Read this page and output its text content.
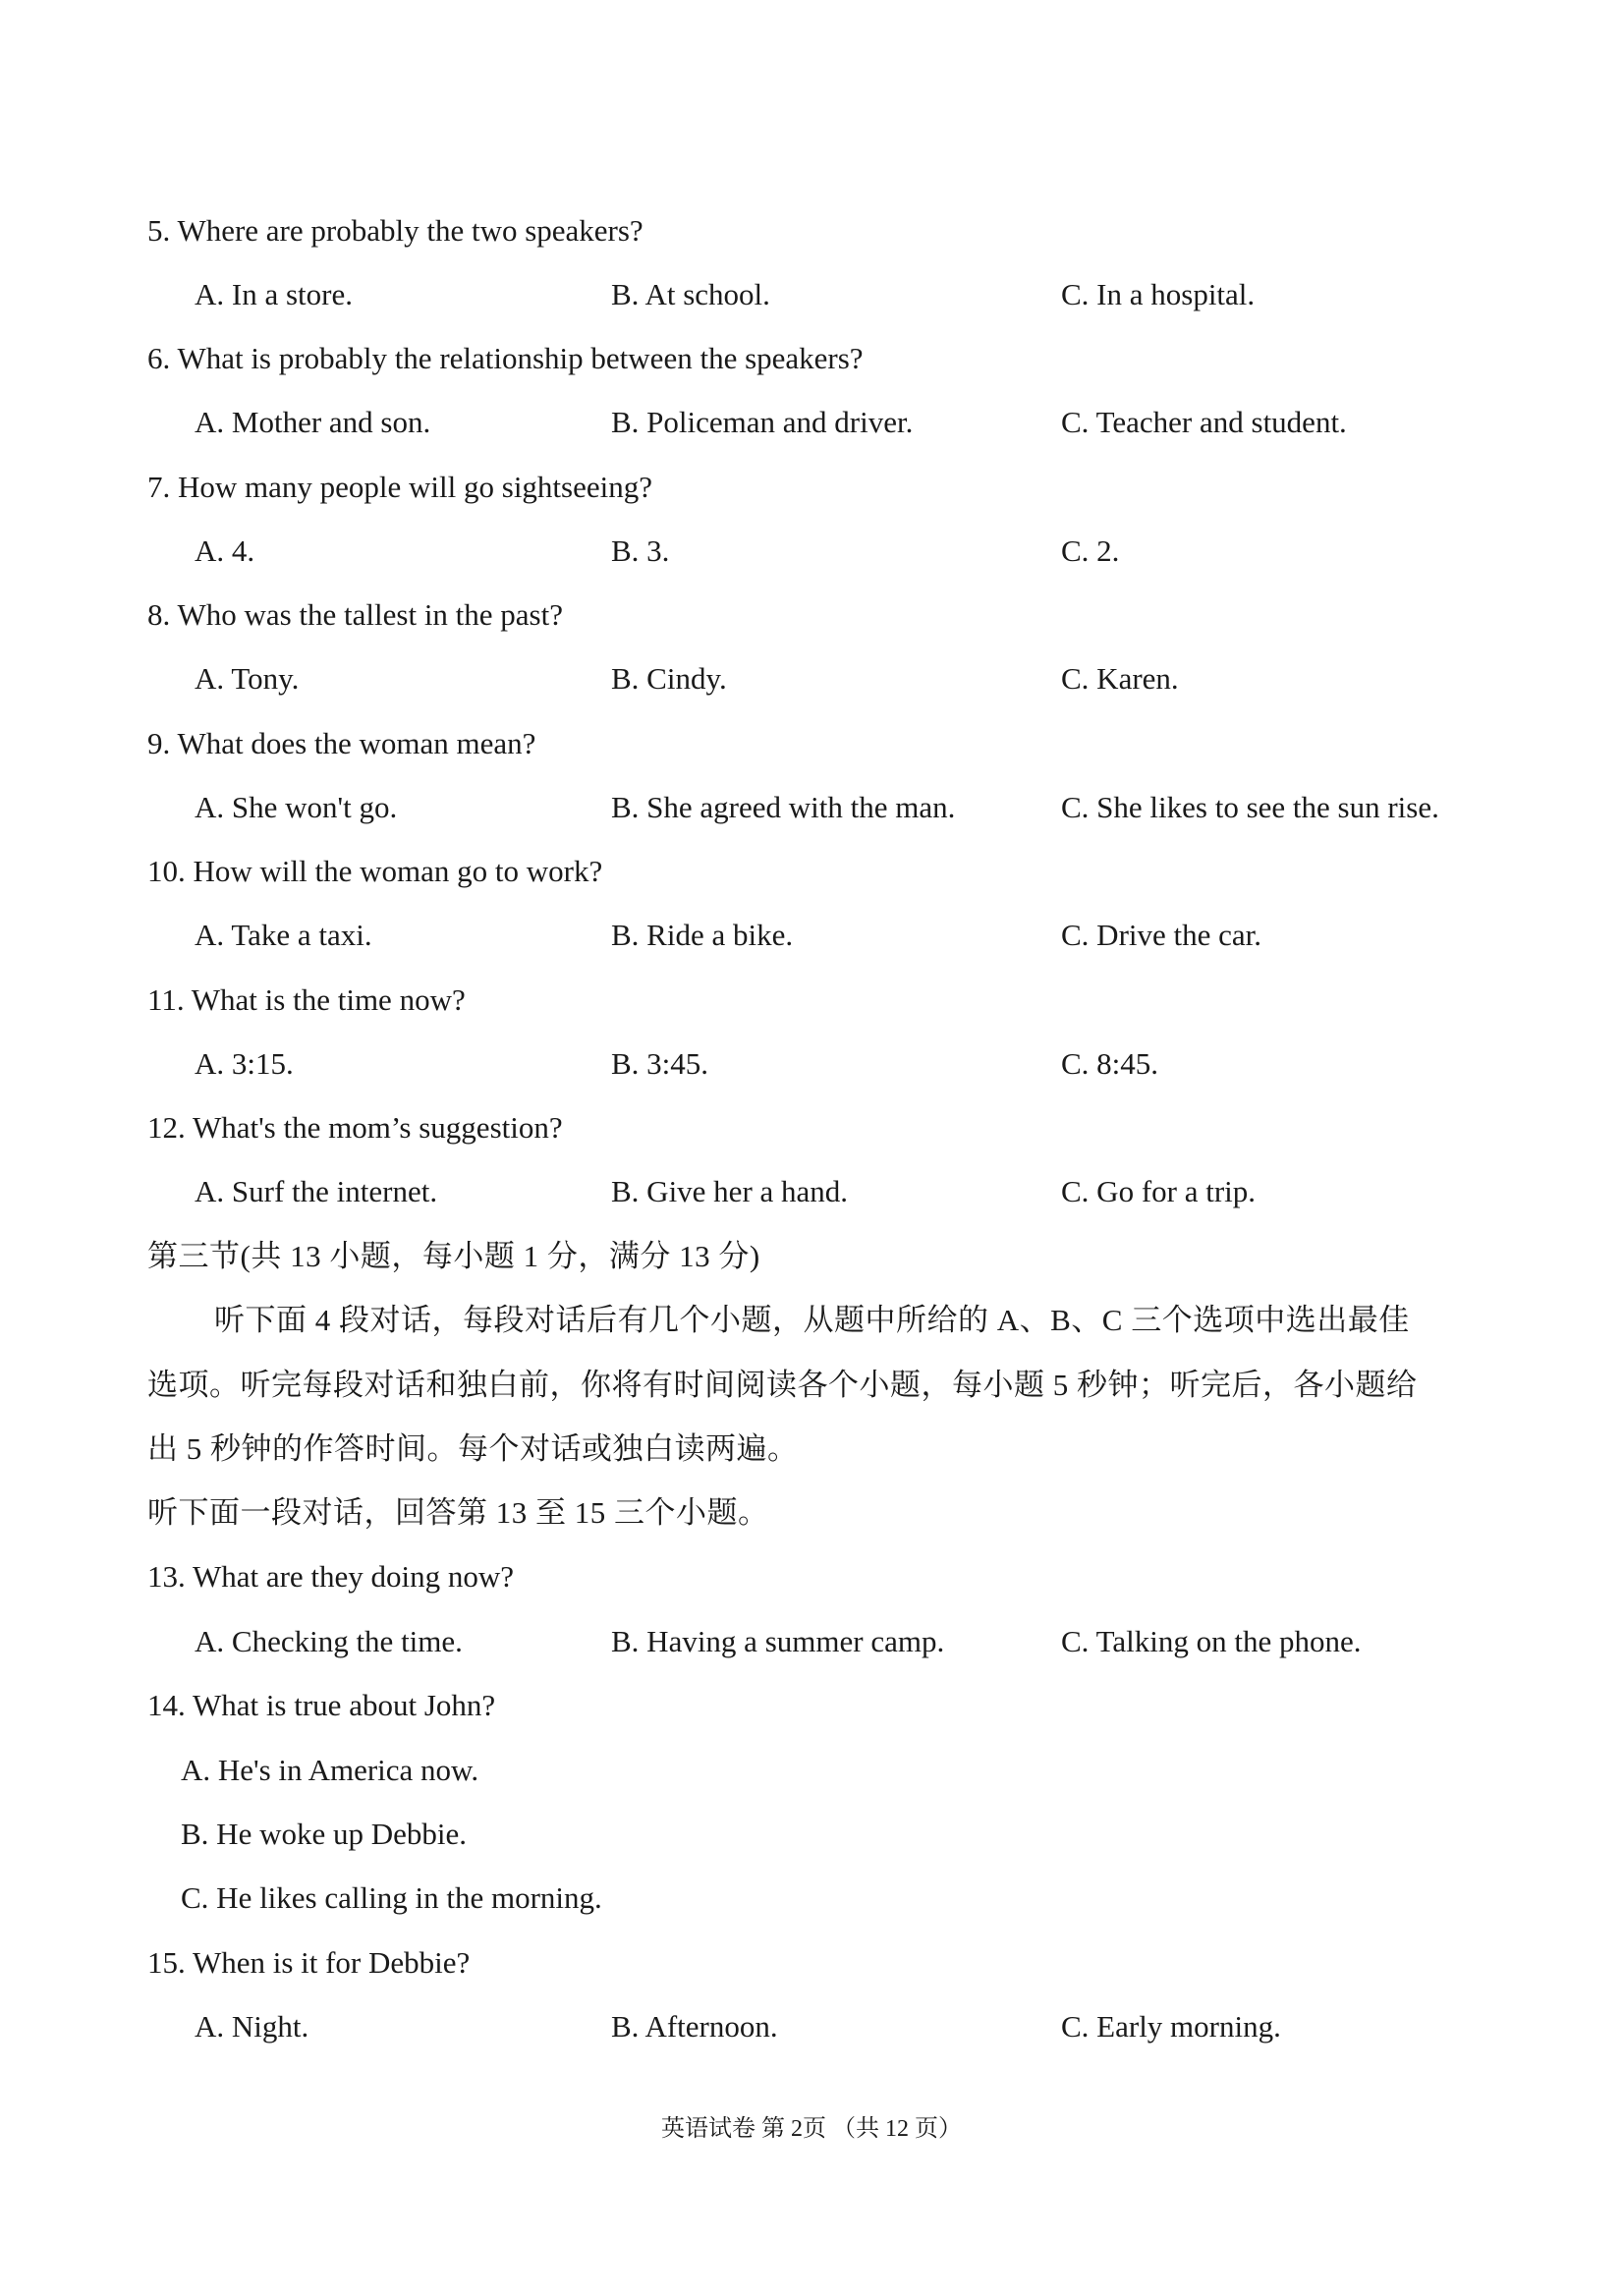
5. Where are probably the two speakers?
A. In a store.	B. At school.	C. In a hospital.
6. What is probably the relationship between the speakers?
A. Mother and son.	B. Policeman and driver.	C. Teacher and student.
7. How many people will go sightseeing?
A. 4.	B. 3.	C. 2.
8. Who was the tallest in the past?
A. Tony.	B. Cindy.	C. Karen.
9. What does the woman mean?
A. She won't go.	B. She agreed with the man.	C. She likes to see the sun rise.
10. How will the woman go to work?
A. Take a taxi.	B. Ride a bike.	C. Drive the car.
11. What is the time now?
A. 3:15.	B. 3:45.	C. 8:45.
12. What's the mom’s suggestion?
A. Surf the internet.	B. Give her a hand.	C. Go for a trip.
第三节(共 13 小题，每小题 1 分，满分 13 分)
听下面 4 段对话，每段对话后有几个小题，从题中所给的 A、B、C 三个选项中选出最佳
选项。听完每段对话和独白前，你将有时间阅读各个小题，每小题 5 秒钟；听完后，各小题给
出 5 秒钟的作答时间。每个对话或独白读两遍。
听下面一段对话，回答第 13 至 15 三个小题。
13. What are they doing now?
A. Checking the time.	B. Having a summer camp.	C. Talking on the phone.
14. What is true about John?
A. He's in America now.
B. He woke up Debbie.
C. He likes calling in the morning.
15. When is it for Debbie?
A. Night.	B. Afternoon.	C. Early morning.
英语试卷 第 2页 （共 12 页）
